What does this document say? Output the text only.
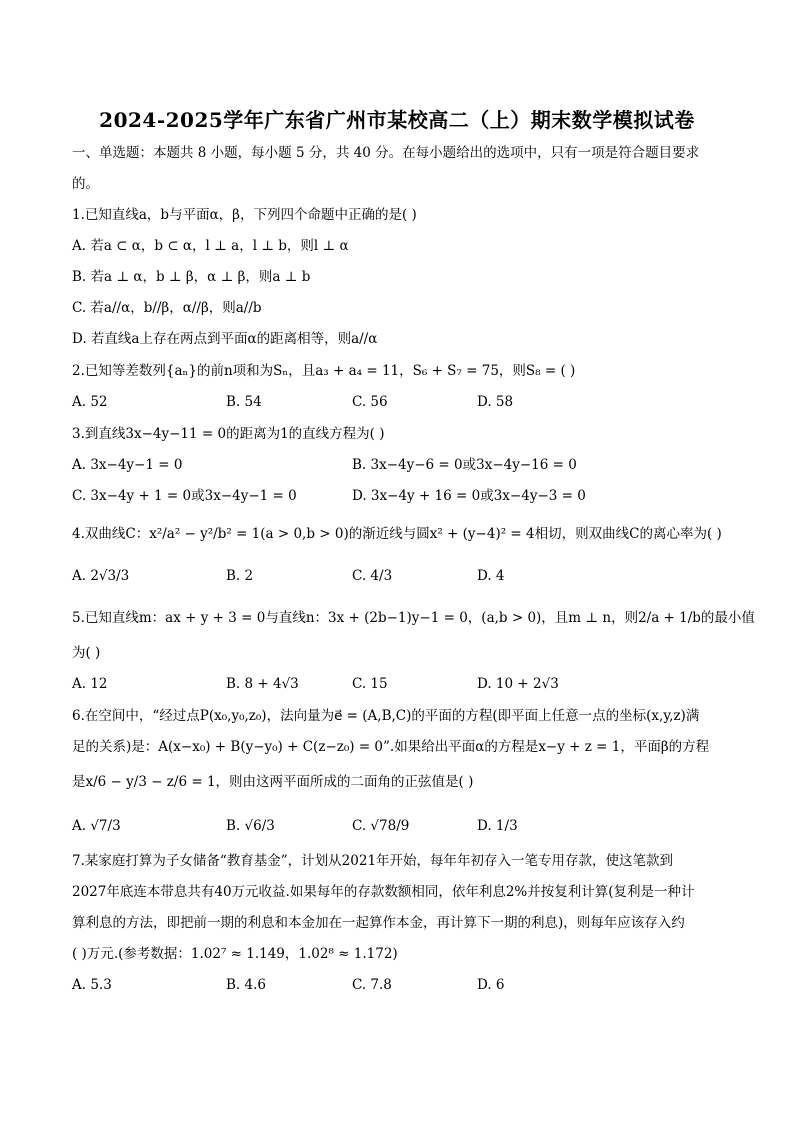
2024-2025学年广东省广州市某校高二（上）期末数学模拟试卷
一、单选题：本题共 8 小题，每小题 5 分，共 40 分。在每小题给出的选项中，只有一项是符合题目要求
的。
1.已知直线a，b与平面α，β，下列四个命题中正确的是( )
A. 若a ⊂ α，b ⊂ α，l ⊥ a，l ⊥ b，则l ⊥ α
B. 若a ⊥ α，b ⊥ β，α ⊥ β，则a ⊥ b
C. 若a//α，b//β，α//β，则a//b
D. 若直线a上存在两点到平面α的距离相等，则a//α
2.已知等差数列{aₙ}的前n项和为Sₙ，且a₃ + a₄ = 11，S₆ + S₇ = 75，则S₈ = ( )
A. 52	B. 54	C. 56	D. 58
3.到直线3x−4y−11 = 0的距离为1的直线方程为( )
A. 3x−4y−1 = 0	B. 3x−4y−6 = 0或3x−4y−16 = 0
C. 3x−4y + 1 = 0或3x−4y−1 = 0	D. 3x−4y + 16 = 0或3x−4y−3 = 0
4.双曲线C：x²/a² − y²/b² = 1(a > 0,b > 0)的渐近线与圆x² + (y−4)² = 4相切，则双曲线C的离心率为( )
A. 2√3/3	B. 2	C. 4/3	D. 4
5.已知直线m：ax + y + 3 = 0与直线n：3x + (2b−1)y−1 = 0，(a,b > 0)，且m ⊥ n，则2/a + 1/b的最小值
为( )
A. 12	B. 8 + 4√3	C. 15	D. 10 + 2√3
6.在空间中，“经过点P(x₀,y₀,z₀)，法向量为e⃗ = (A,B,C)的平面的方程(即平面上任意一点的坐标(x,y,z)满
足的关系)是：A(x−x₀) + B(y−y₀) + C(z−z₀) = 0”.如果给出平面α的方程是x−y + z = 1，平面β的方程
是x/6 − y/3 − z/6 = 1，则由这两平面所成的二面角的正弦值是( )
A. √7/3	B. √6/3	C. √78/9	D. 1/3
7.某家庭打算为子女储备“教育基金”，计划从2021年开始，每年年初存入一笔专用存款，使这笔款到
2027年底连本带息共有40万元收益.如果每年的存款数额相同，依年利息2%并按复利计算(复利是一种计
算利息的方法，即把前一期的利息和本金加在一起算作本金，再计算下一期的利息)，则每年应该存入约
( )万元.(参考数据：1.02⁷ ≈ 1.149，1.02⁸ ≈ 1.172)
A. 5.3	B. 4.6	C. 7.8	D. 6
